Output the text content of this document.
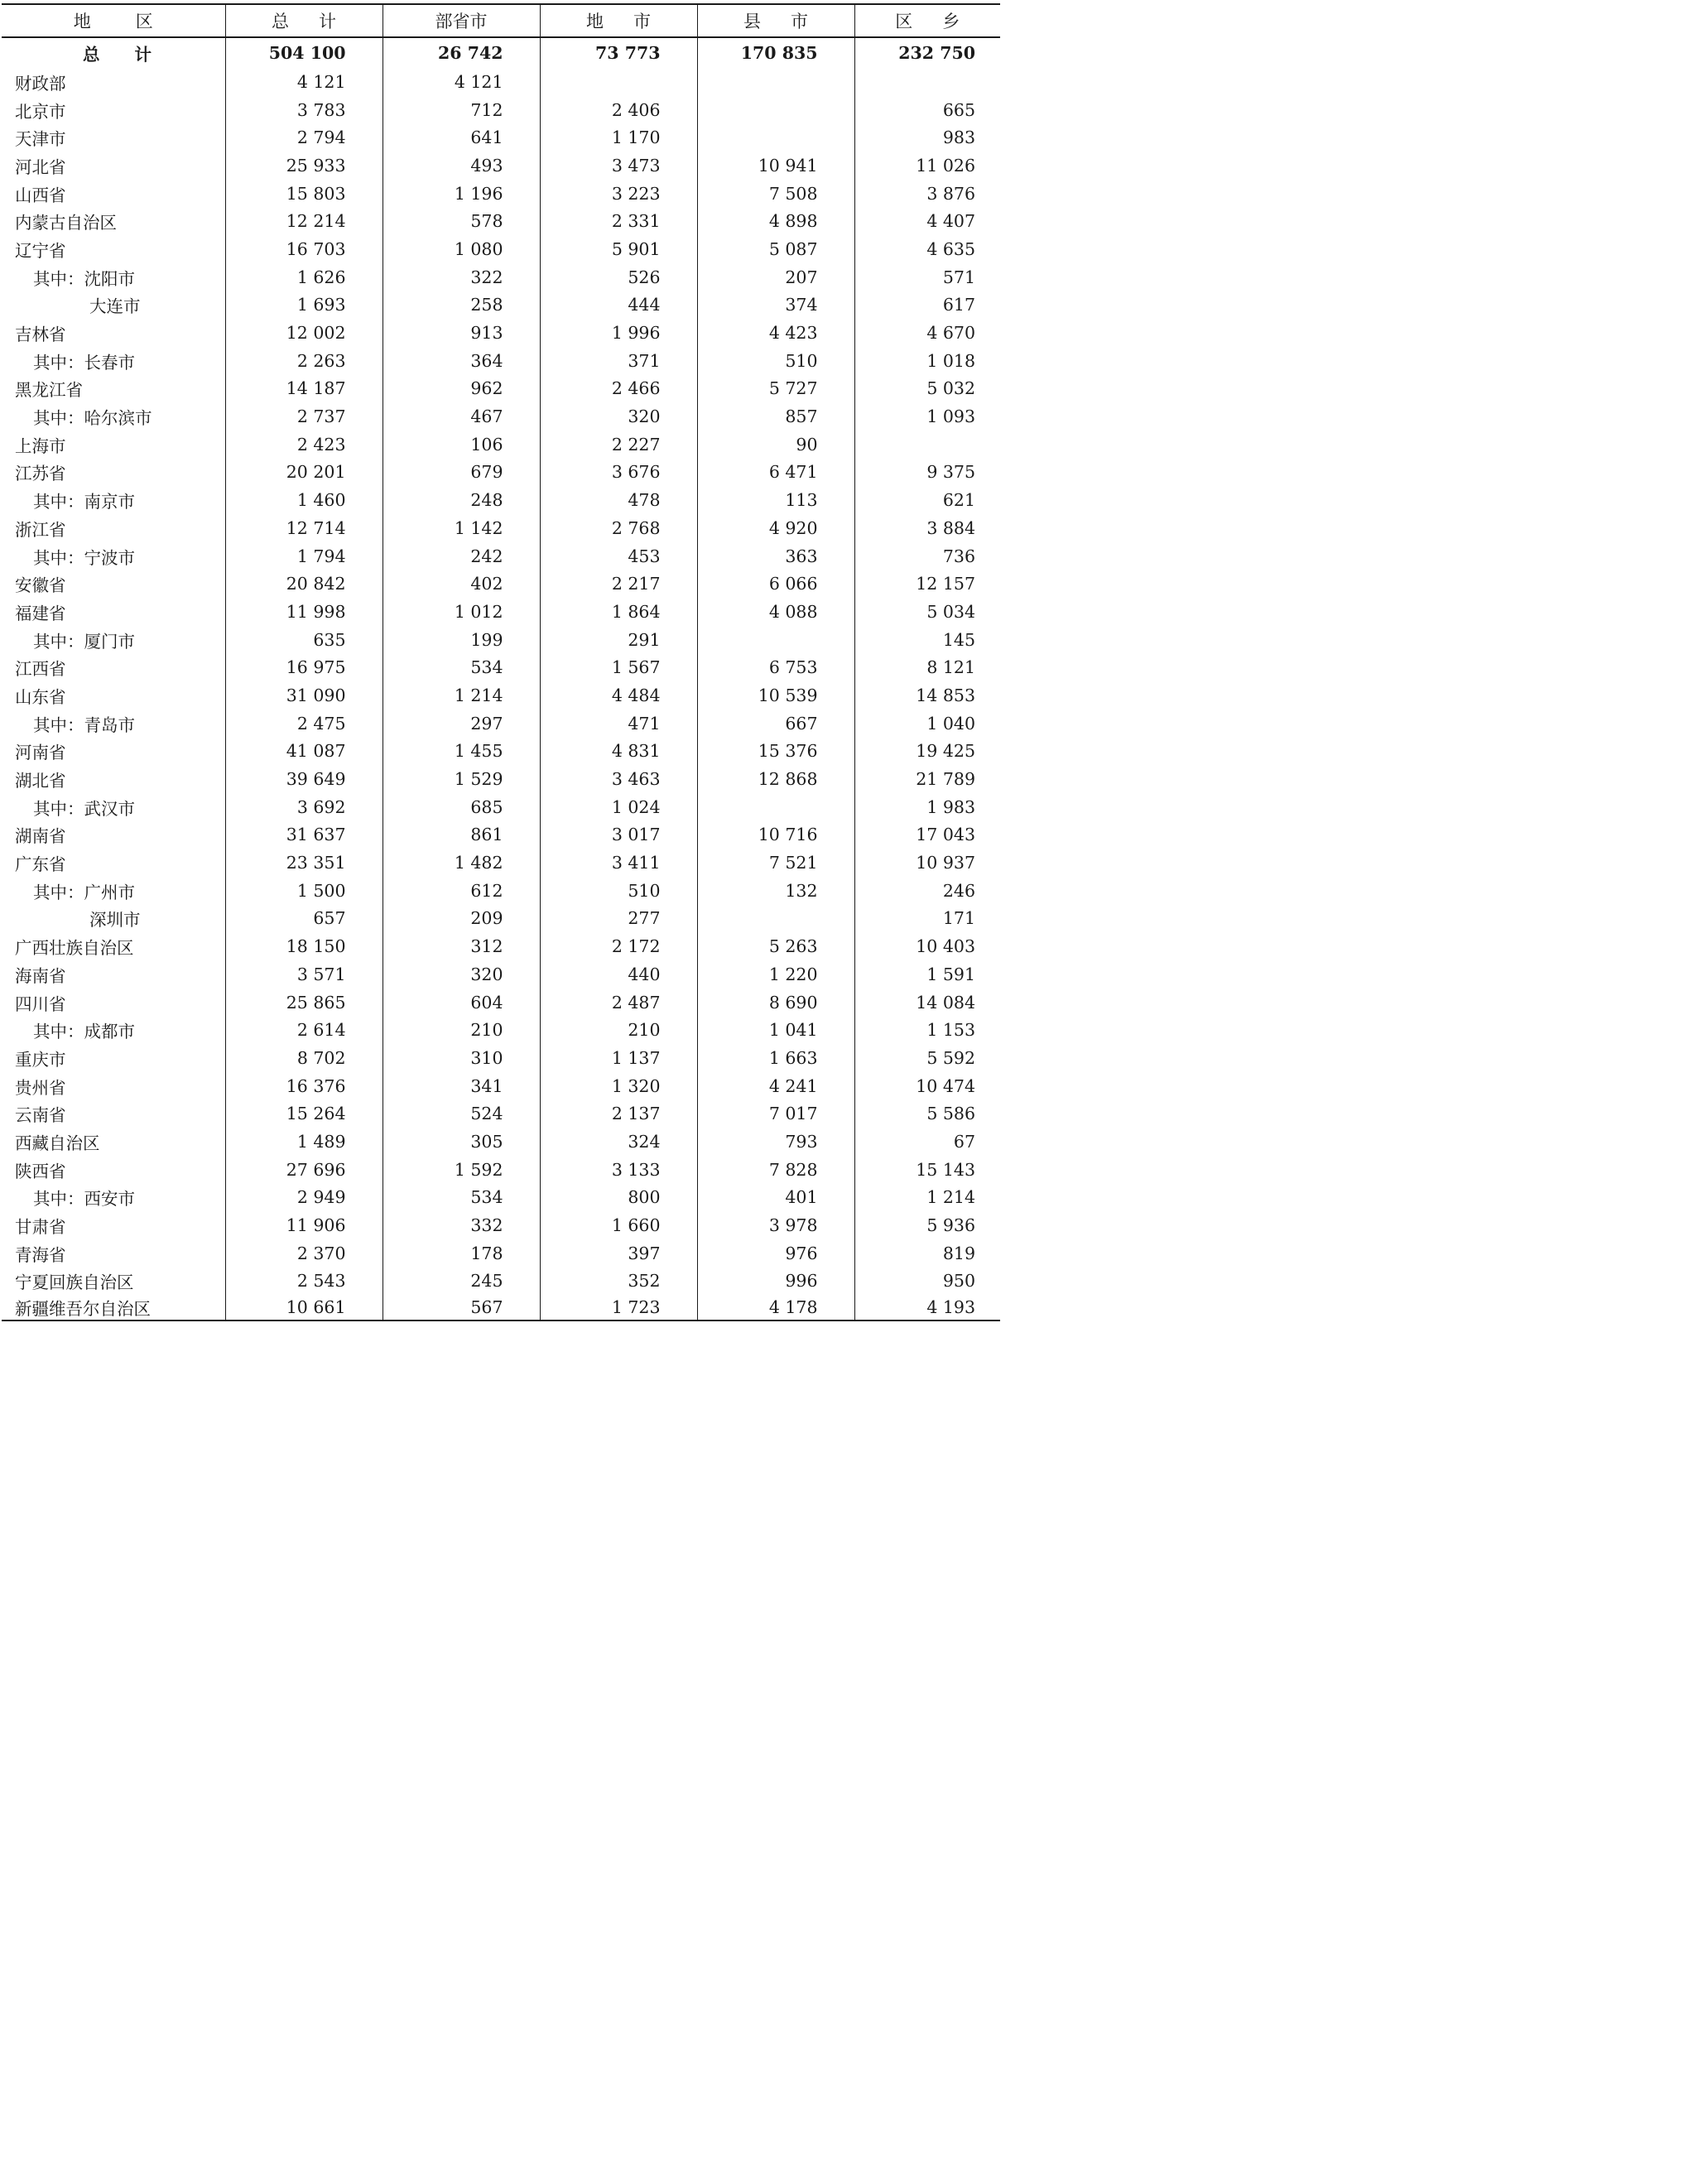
地 区	总 计	部省市	地 市	县 市	区 乡
总 计	504 100	26 742	73 773	170 835	232 750
财政部	4 121	4 121			
北京市	3 783	712	2 406		665
天津市	2 794	641	1 170		983
河北省	25 933	493	3 473	10 941	11 026
山西省	15 803	1 196	3 223	7 508	3 876
内蒙古自治区	12 214	578	2 331	4 898	4 407
辽宁省	16 703	1 080	5 901	5 087	4 635
其中：沈阳市	1 626	322	526	207	571
大连市	1 693	258	444	374	617
吉林省	12 002	913	1 996	4 423	4 670
其中：长春市	2 263	364	371	510	1 018
黑龙江省	14 187	962	2 466	5 727	5 032
其中：哈尔滨市	2 737	467	320	857	1 093
上海市	2 423	106	2 227	90	
江苏省	20 201	679	3 676	6 471	9 375
其中：南京市	1 460	248	478	113	621
浙江省	12 714	1 142	2 768	4 920	3 884
其中：宁波市	1 794	242	453	363	736
安徽省	20 842	402	2 217	6 066	12 157
福建省	11 998	1 012	1 864	4 088	5 034
其中：厦门市	635	199	291		145
江西省	16 975	534	1 567	6 753	8 121
山东省	31 090	1 214	4 484	10 539	14 853
其中：青岛市	2 475	297	471	667	1 040
河南省	41 087	1 455	4 831	15 376	19 425
湖北省	39 649	1 529	3 463	12 868	21 789
其中：武汉市	3 692	685	1 024		1 983
湖南省	31 637	861	3 017	10 716	17 043
广东省	23 351	1 482	3 411	7 521	10 937
其中：广州市	1 500	612	510	132	246
深圳市	657	209	277		171
广西壮族自治区	18 150	312	2 172	5 263	10 403
海南省	3 571	320	440	1 220	1 591
四川省	25 865	604	2 487	8 690	14 084
其中：成都市	2 614	210	210	1 041	1 153
重庆市	8 702	310	1 137	1 663	5 592
贵州省	16 376	341	1 320	4 241	10 474
云南省	15 264	524	2 137	7 017	5 586
西藏自治区	1 489	305	324	793	67
陕西省	27 696	1 592	3 133	7 828	15 143
其中：西安市	2 949	534	800	401	1 214
甘肃省	11 906	332	1 660	3 978	5 936
青海省	2 370	178	397	976	819
宁夏回族自治区	2 543	245	352	996	950
新疆维吾尔自治区	10 661	567	1 723	4 178	4 193
